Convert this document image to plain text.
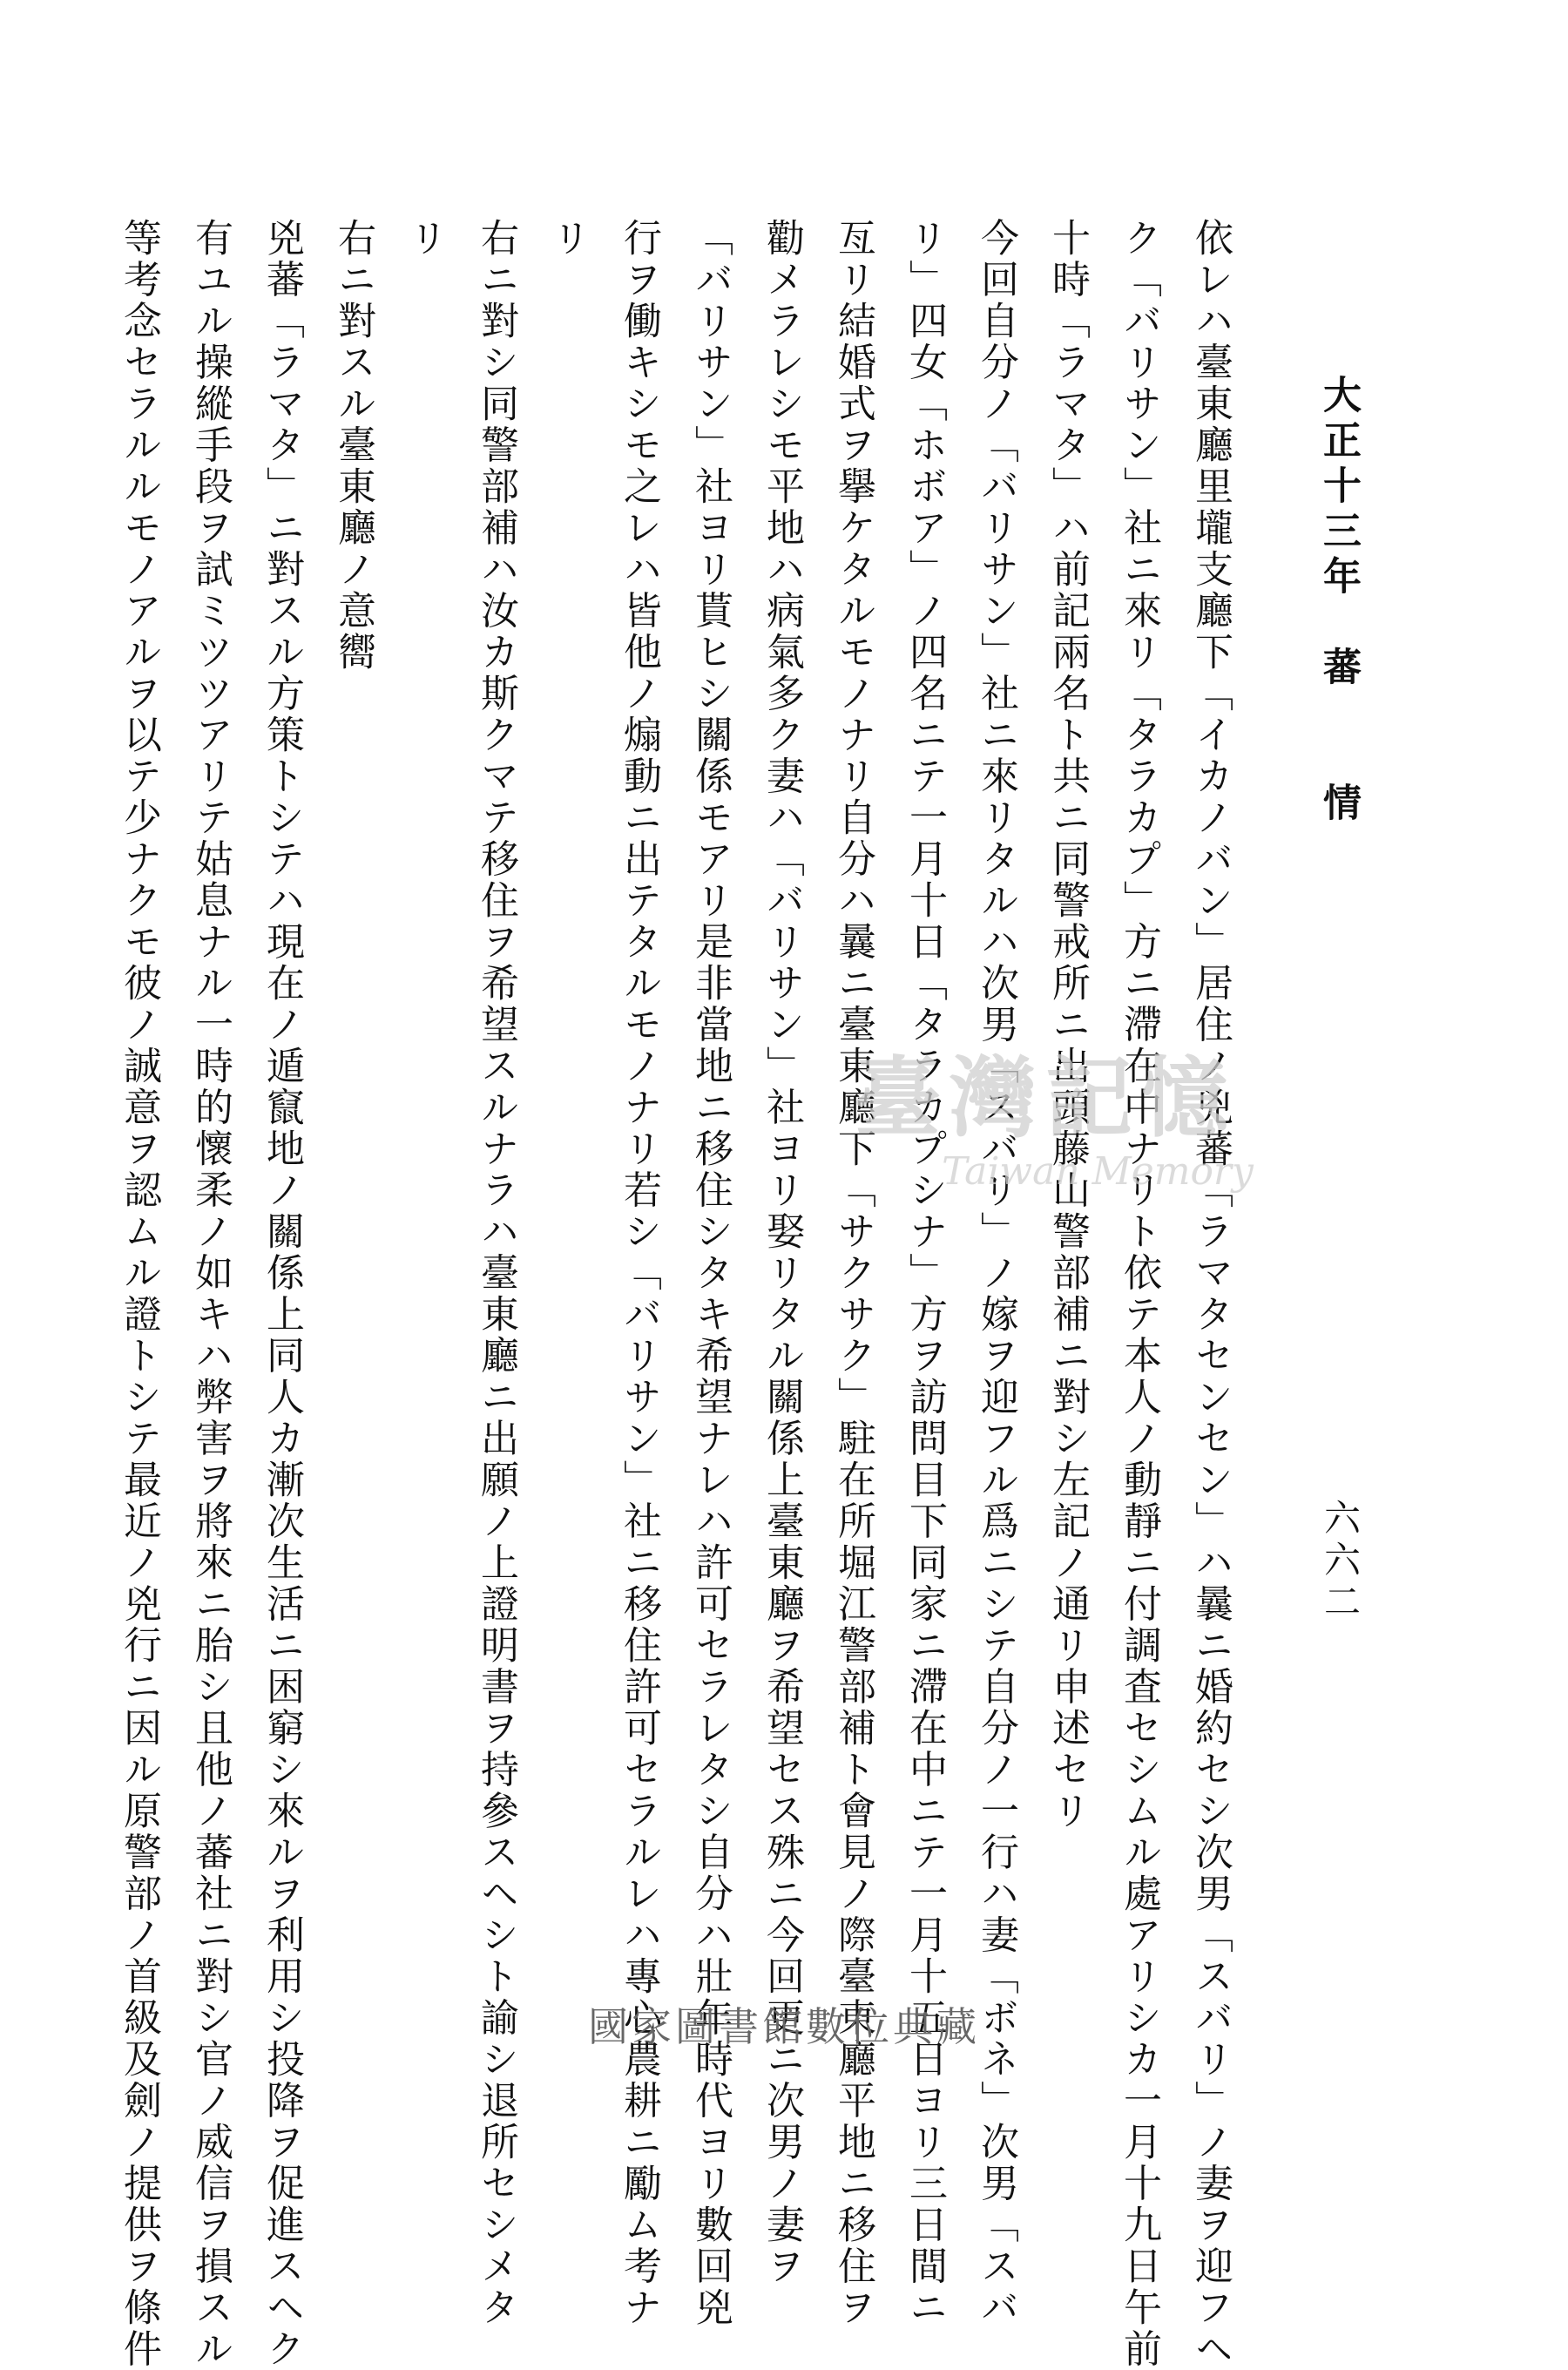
大正十三年　蕃　　情
六六二
依レハ臺東廳里壠支廳下「イカノバン」居住ノ兇蕃「ラマタセンセン」ハ曩ニ婚約セシ次男「スバリ」ノ妻ヲ迎フヘ
ク「バリサン」社ニ來リ「タラカプ」方ニ滯在中ナリト依テ本人ノ動靜ニ付調査セシムル處アリシカ一月十九日午前
十時「ラマタ」ハ前記兩名ト共ニ同警戒所ニ出頭藤山警部補ニ對シ左記ノ通リ申述セリ
今回自分ノ「バリサン」社ニ來リタルハ次男「スバリ」ノ嫁ヲ迎フル爲ニシテ自分ノ一行ハ妻「ボネ」次男「スバ
リ」四女「ホボア」ノ四名ニテ一月十日「タラカプシナ」方ヲ訪問目下同家ニ滯在中ニテ一月十五日ヨリ三日間ニ
亙リ結婚式ヲ擧ケタルモノナリ自分ハ曩ニ臺東廳下「サクサク」駐在所堀江警部補ト會見ノ際臺東廳平地ニ移住ヲ
勸メラレシモ平地ハ病氣多ク妻ハ「バリサン」社ヨリ娶リタル關係上臺東廳ヲ希望セス殊ニ今回更ニ次男ノ妻ヲ
「バリサン」社ヨリ貰ヒシ關係モアリ是非當地ニ移住シタキ希望ナレハ許可セラレタシ自分ハ壯年時代ヨリ數回兇
行ヲ働キシモ之レハ皆他ノ煽動ニ出テタルモノナリ若シ「バリサン」社ニ移住許可セラルレハ專心農耕ニ勵ム考ナ
リ
右ニ對シ同警部補ハ汝カ斯クマテ移住ヲ希望スルナラハ臺東廳ニ出願ノ上證明書ヲ持參スヘシト諭シ退所セシメタ
リ
右ニ對スル臺東廳ノ意嚮
兇蕃「ラマタ」ニ對スル方策トシテハ現在ノ遁竄地ノ關係上同人カ漸次生活ニ困窮シ來ルヲ利用シ投降ヲ促進スヘク
有ユル操縱手段ヲ試ミツツアリテ姑息ナル一時的懷柔ノ如キハ弊害ヲ將來ニ胎シ且他ノ蕃社ニ對シ官ノ威信ヲ損スル
等考念セラルルモノアルヲ以テ少ナクモ彼ノ誠意ヲ認ムル證トシテ最近ノ兇行ニ因ル原警部ノ首級及劍ノ提供ヲ條件	臺灣記憶
Taiwan Memory
國家圖書館數位典藏
